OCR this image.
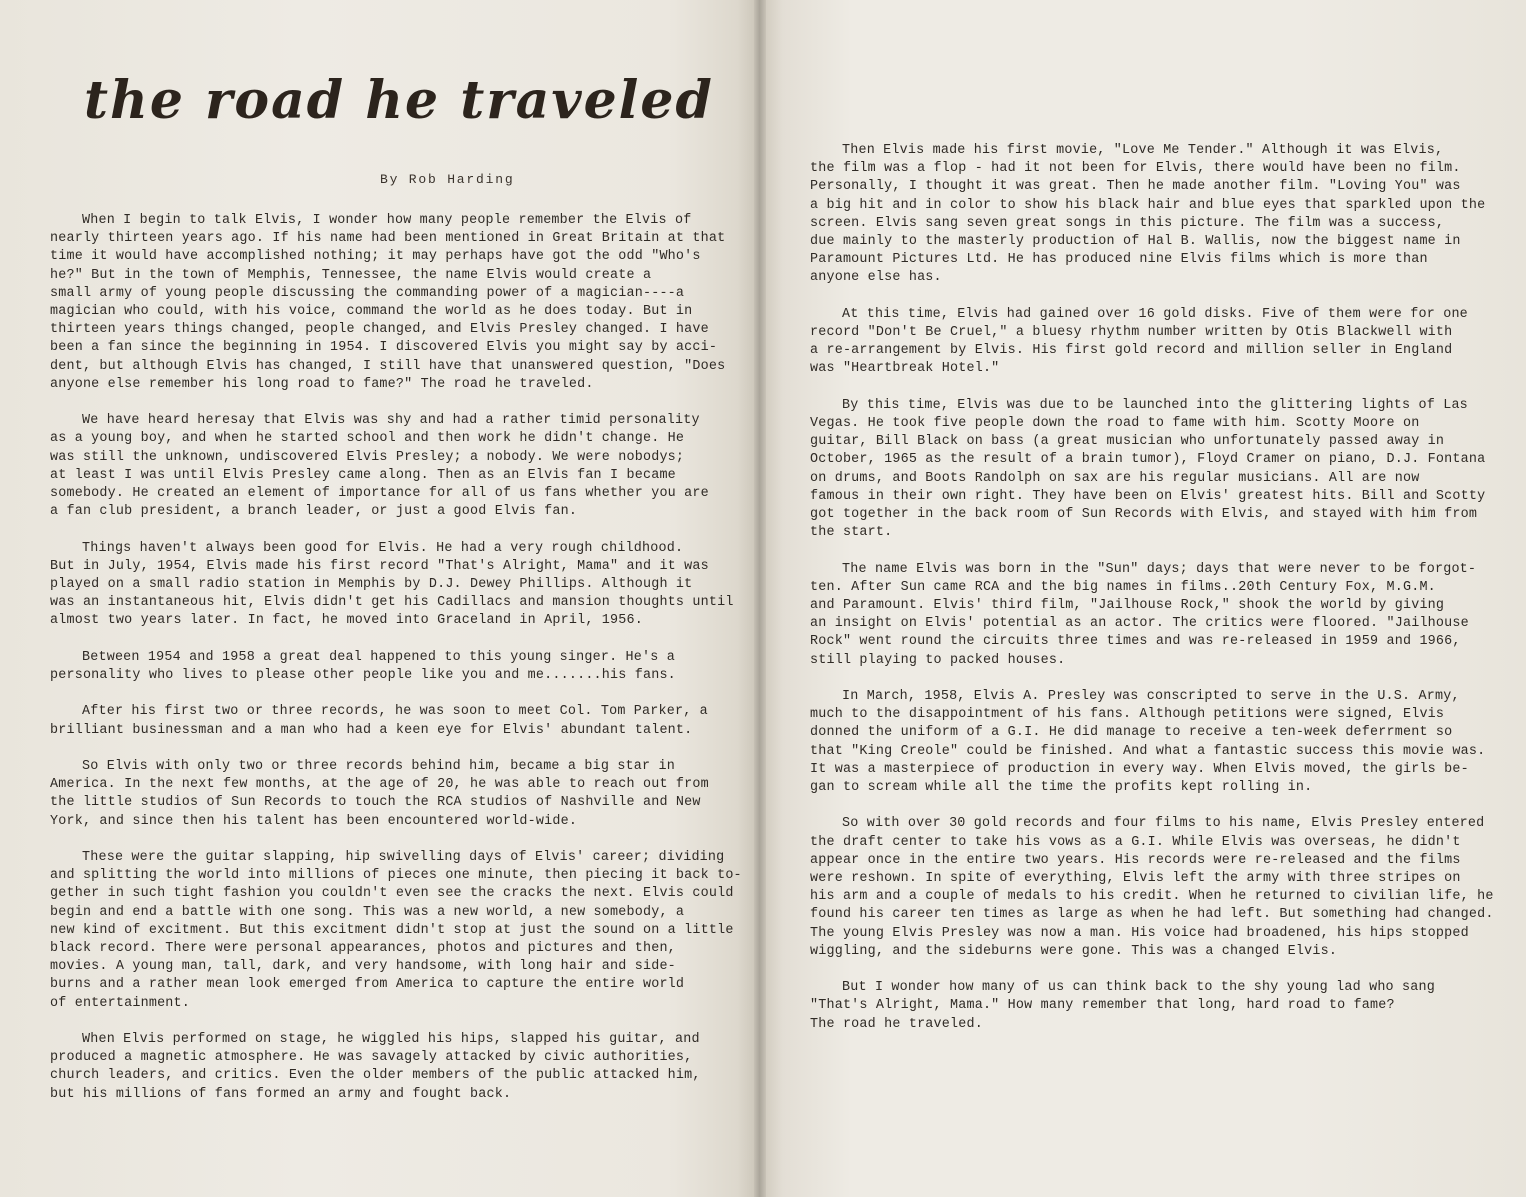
the road he traveled
By Rob Harding

When I begin to talk Elvis, I wonder how many people remember the Elvis of
nearly thirteen years ago. If his name had been mentioned in Great Britain at that
time it would have accomplished nothing; it may perhaps have got the odd "Who's
he?" But in the town of Memphis, Tennessee, the name Elvis would create a
small army of young people discussing the commanding power of a magician----a
magician who could, with his voice, command the world as he does today. But in
thirteen years things changed, people changed, and Elvis Presley changed. I have
been a fan since the beginning in 1954. I discovered Elvis you might say by acci-
dent, but although Elvis has changed, I still have that unanswered question, "Does
anyone else remember his long road to fame?" The road he traveled.

We have heard heresay that Elvis was shy and had a rather timid personality
as a young boy, and when he started school and then work he didn't change. He
was still the unknown, undiscovered Elvis Presley; a nobody. We were nobodys;
at least I was until Elvis Presley came along. Then as an Elvis fan I became
somebody. He created an element of importance for all of us fans whether you are
a fan club president, a branch leader, or just a good Elvis fan.

Things haven't always been good for Elvis. He had a very rough childhood.
But in July, 1954, Elvis made his first record "That's Alright, Mama" and it was
played on a small radio station in Memphis by D.J. Dewey Phillips. Although it
was an instantaneous hit, Elvis didn't get his Cadillacs and mansion thoughts until
almost two years later. In fact, he moved into Graceland in April, 1956.

Between 1954 and 1958 a great deal happened to this young singer. He's a
personality who lives to please other people like you and me.......his fans.

After his first two or three records, he was soon to meet Col. Tom Parker, a
brilliant businessman and a man who had a keen eye for Elvis' abundant talent.

So Elvis with only two or three records behind him, became a big star in
America. In the next few months, at the age of 20, he was able to reach out from
the little studios of Sun Records to touch the RCA studios of Nashville and New
York, and since then his talent has been encountered world-wide.

These were the guitar slapping, hip swivelling days of Elvis' career; dividing
and splitting the world into millions of pieces one minute, then piecing it back to-
gether in such tight fashion you couldn't even see the cracks the next. Elvis could
begin and end a battle with one song. This was a new world, a new somebody, a
new kind of excitment. But this excitment didn't stop at just the sound on a little
black record. There were personal appearances, photos and pictures and then,
movies. A young man, tall, dark, and very handsome, with long hair and side-
burns and a rather mean look emerged from America to capture the entire world
of entertainment.

When Elvis performed on stage, he wiggled his hips, slapped his guitar, and
produced a magnetic atmosphere. He was savagely attacked by civic authorities,
church leaders, and critics. Even the older members of the public attacked him,
but his millions of fans formed an army and fought back.

Then Elvis made his first movie, "Love Me Tender." Although it was Elvis,
the film was a flop - had it not been for Elvis, there would have been no film.
Personally, I thought it was great. Then he made another film. "Loving You" was
a big hit and in color to show his black hair and blue eyes that sparkled upon the
screen. Elvis sang seven great songs in this picture. The film was a success,
due mainly to the masterly production of Hal B. Wallis, now the biggest name in
Paramount Pictures Ltd. He has produced nine Elvis films which is more than
anyone else has.

At this time, Elvis had gained over 16 gold disks. Five of them were for one
record "Don't Be Cruel," a bluesy rhythm number written by Otis Blackwell with
a re-arrangement by Elvis. His first gold record and million seller in England
was "Heartbreak Hotel."

By this time, Elvis was due to be launched into the glittering lights of Las
Vegas. He took five people down the road to fame with him. Scotty Moore on
guitar, Bill Black on bass (a great musician who unfortunately passed away in
October, 1965 as the result of a brain tumor), Floyd Cramer on piano, D.J. Fontana
on drums, and Boots Randolph on sax are his regular musicians. All are now
famous in their own right. They have been on Elvis' greatest hits. Bill and Scotty
got together in the back room of Sun Records with Elvis, and stayed with him from
the start.

The name Elvis was born in the "Sun" days; days that were never to be forgot-
ten. After Sun came RCA and the big names in films..20th Century Fox, M.G.M.
and Paramount. Elvis' third film, "Jailhouse Rock," shook the world by giving
an insight on Elvis' potential as an actor. The critics were floored. "Jailhouse
Rock" went round the circuits three times and was re-released in 1959 and 1966,
still playing to packed houses.

In March, 1958, Elvis A. Presley was conscripted to serve in the U.S. Army,
much to the disappointment of his fans. Although petitions were signed, Elvis
donned the uniform of a G.I. He did manage to receive a ten-week deferrment so
that "King Creole" could be finished. And what a fantastic success this movie was.
It was a masterpiece of production in every way. When Elvis moved, the girls be-
gan to scream while all the time the profits kept rolling in.

So with over 30 gold records and four films to his name, Elvis Presley entered
the draft center to take his vows as a G.I. While Elvis was overseas, he didn't
appear once in the entire two years. His records were re-released and the films
were reshown. In spite of everything, Elvis left the army with three stripes on
his arm and a couple of medals to his credit. When he returned to civilian life, he
found his career ten times as large as when he had left. But something had changed.
The young Elvis Presley was now a man. His voice had broadened, his hips stopped
wiggling, and the sideburns were gone. This was a changed Elvis.

But I wonder how many of us can think back to the shy young lad who sang
"That's Alright, Mama." How many remember that long, hard road to fame?
The road he traveled.
